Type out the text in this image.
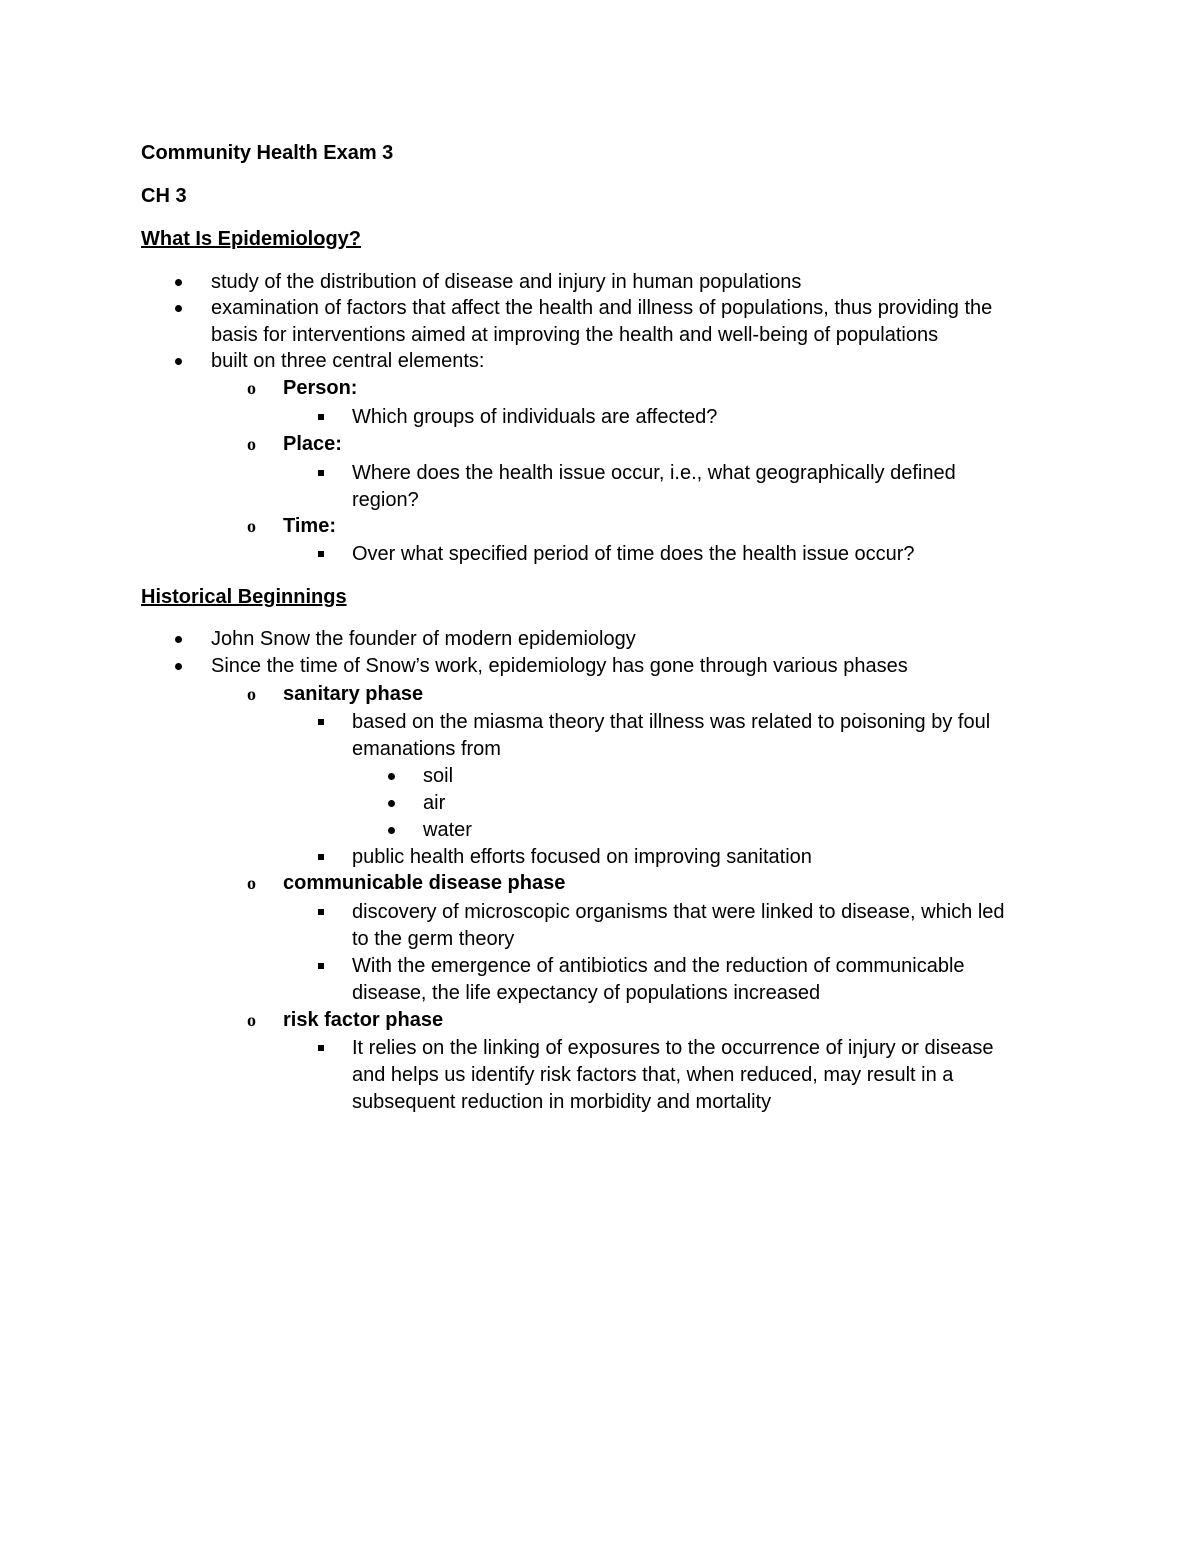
Community Health Exam 3
CH 3
What Is Epidemiology?
study of the distribution of disease and injury in human populations
examination of factors that affect the health and illness of populations, thus providing the
basis for interventions aimed at improving the health and well-being of populations
built on three central elements:
o Person:
Which groups of individuals are affected?
o Place:
Where does the health issue occur, i.e., what geographically defined
region?
o Time:
Over what specified period of time does the health issue occur?
Historical Beginnings
John Snow the founder of modern epidemiology
Since the time of Snow’s work, epidemiology has gone through various phases
o sanitary phase
based on the miasma theory that illness was related to poisoning by foul
emanations from
soil
air
water
public health efforts focused on improving sanitation
o communicable disease phase
discovery of microscopic organisms that were linked to disease, which led
to the germ theory
With the emergence of antibiotics and the reduction of communicable
disease, the life expectancy of populations increased
o risk factor phase
It relies on the linking of exposures to the occurrence of injury or disease
and helps us identify risk factors that, when reduced, may result in a
subsequent reduction in morbidity and mortality
